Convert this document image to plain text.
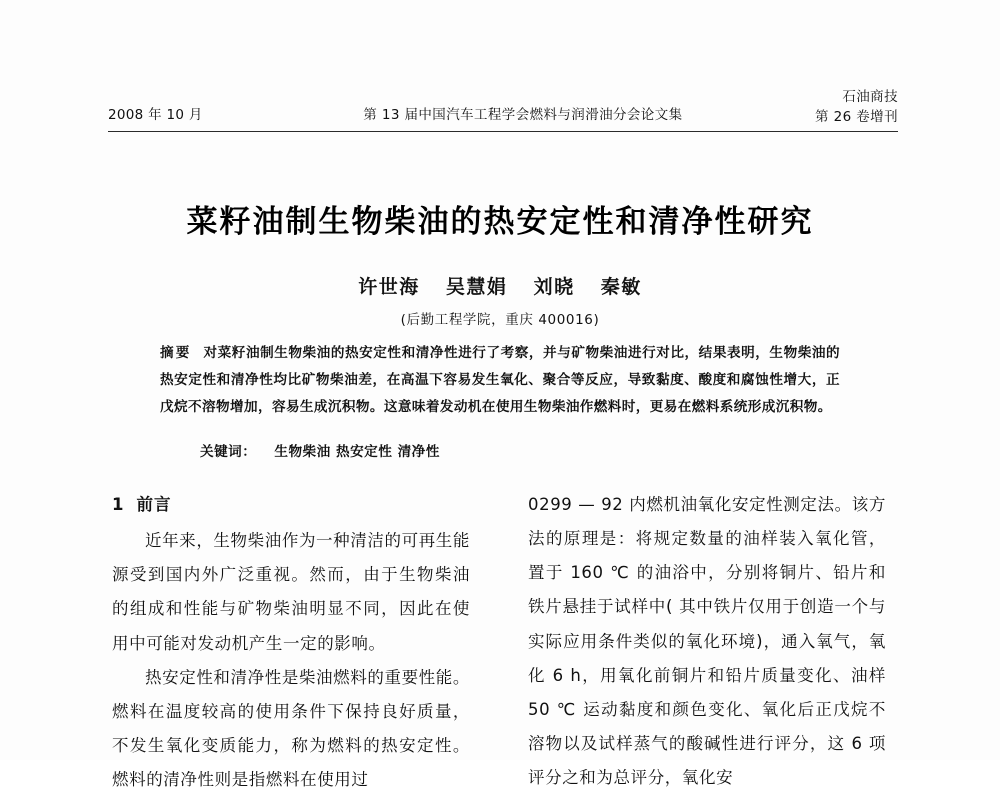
2008 年 10 月	第 13 届中国汽车工程学会燃料与润滑油分会论文集
石油商技
第 26 卷增刊
菜籽油制生物柴油的热安定性和清净性研究
许世海 吴慧娟 刘晓 秦敏
(后勤工程学院，重庆 400016)
摘要 对菜籽油制生物柴油的热安定性和清净性进行了考察，并与矿物柴油进行对比，结果表明，生物柴油的热安定性和清净性均比矿物柴油差，在高温下容易发生氧化、聚合等反应，导致黏度、酸度和腐蚀性增大，正戊烷不溶物增加，容易生成沉积物。这意味着发动机在使用生物柴油作燃料时，更易在燃料系统形成沉积物。
关键词： 生物柴油 热安定性 清净性
1 前言

近年来，生物柴油作为一种清洁的可再生能源受到国内外广泛重视。然而，由于生物柴油的组成和性能与矿物柴油明显不同，因此在使用中可能对发动机产生一定的影响。

热安定性和清净性是柴油燃料的重要性能。燃料在温度较高的使用条件下保持良好质量，不发生氧化变质能力，称为燃料的热安定性。燃料的清净性则是指燃料在使用过

0299 — 92 内燃机油氧化安定性测定法。该方法的原理是：将规定数量的油样装入氧化管，置于 160 ℃ 的油浴中，分别将铜片、铅片和铁片悬挂于试样中( 其中铁片仅用于创造一个与实际应用条件类似的氧化环境)，通入氧气，氧化 6 h，用氧化前铜片和铅片质量变化、油样 50 ℃ 运动黏度和颜色变化、氧化后正戊烷不溶物以及试样蒸气的酸碱性进行评分，这 6 项评分之和为总评分，氧化安
